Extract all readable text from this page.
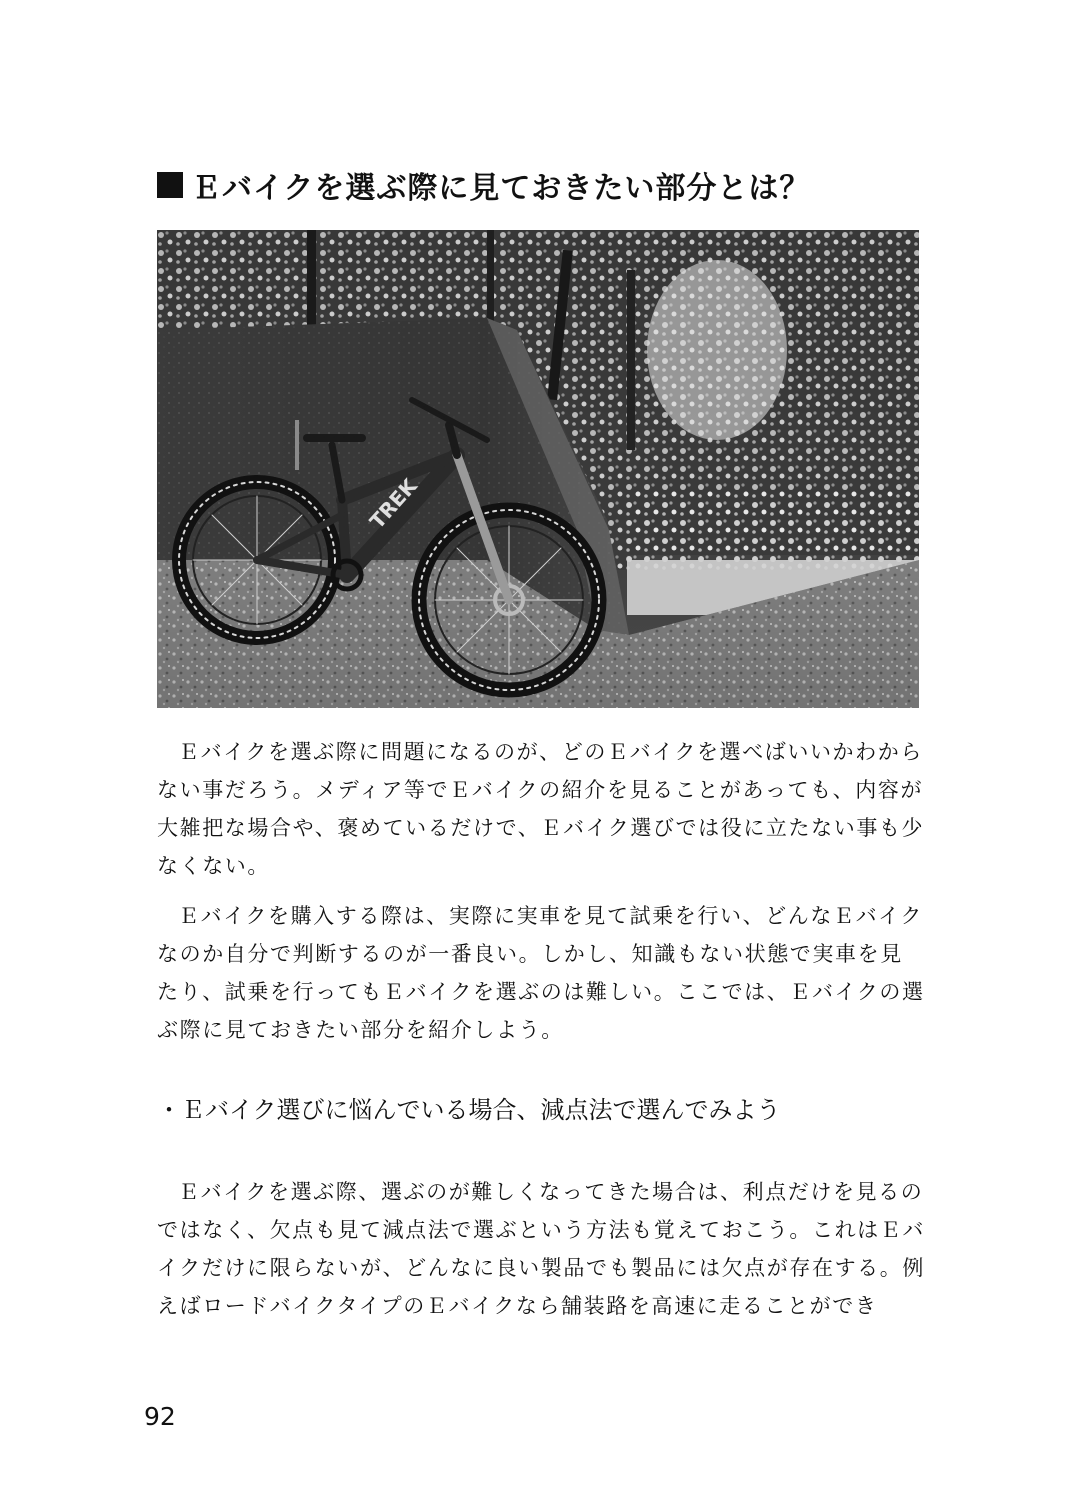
Ｅバイクを選ぶ際に見ておきたい部分とは？
TREK

Ｅバイクを選ぶ際に問題になるのが、どのＥバイクを選べばいいかわからない事だろう。メディア等でＥバイクの紹介を見ることがあっても、内容が大雑把な場合や、褒めているだけで、Ｅバイク選びでは役に立たない事も少なくない。

Ｅバイクを購入する際は、実際に実車を見て試乗を行い、どんなＥバイクなのか自分で判断するのが一番良い。しかし、知識もない状態で実車を見たり、試乗を行ってもＥバイクを選ぶのは難しい。ここでは、Ｅバイクの選ぶ際に見ておきたい部分を紹介しよう。

・Ｅバイク選びに悩んでいる場合、減点法で選んでみよう

Ｅバイクを選ぶ際、選ぶのが難しくなってきた場合は、利点だけを見るのではなく、欠点も見て減点法で選ぶという方法も覚えておこう。これはＥバイクだけに限らないが、どんなに良い製品でも製品には欠点が存在する。例えばロードバイクタイプのＥバイクなら舗装路を高速に走ることができ

92
